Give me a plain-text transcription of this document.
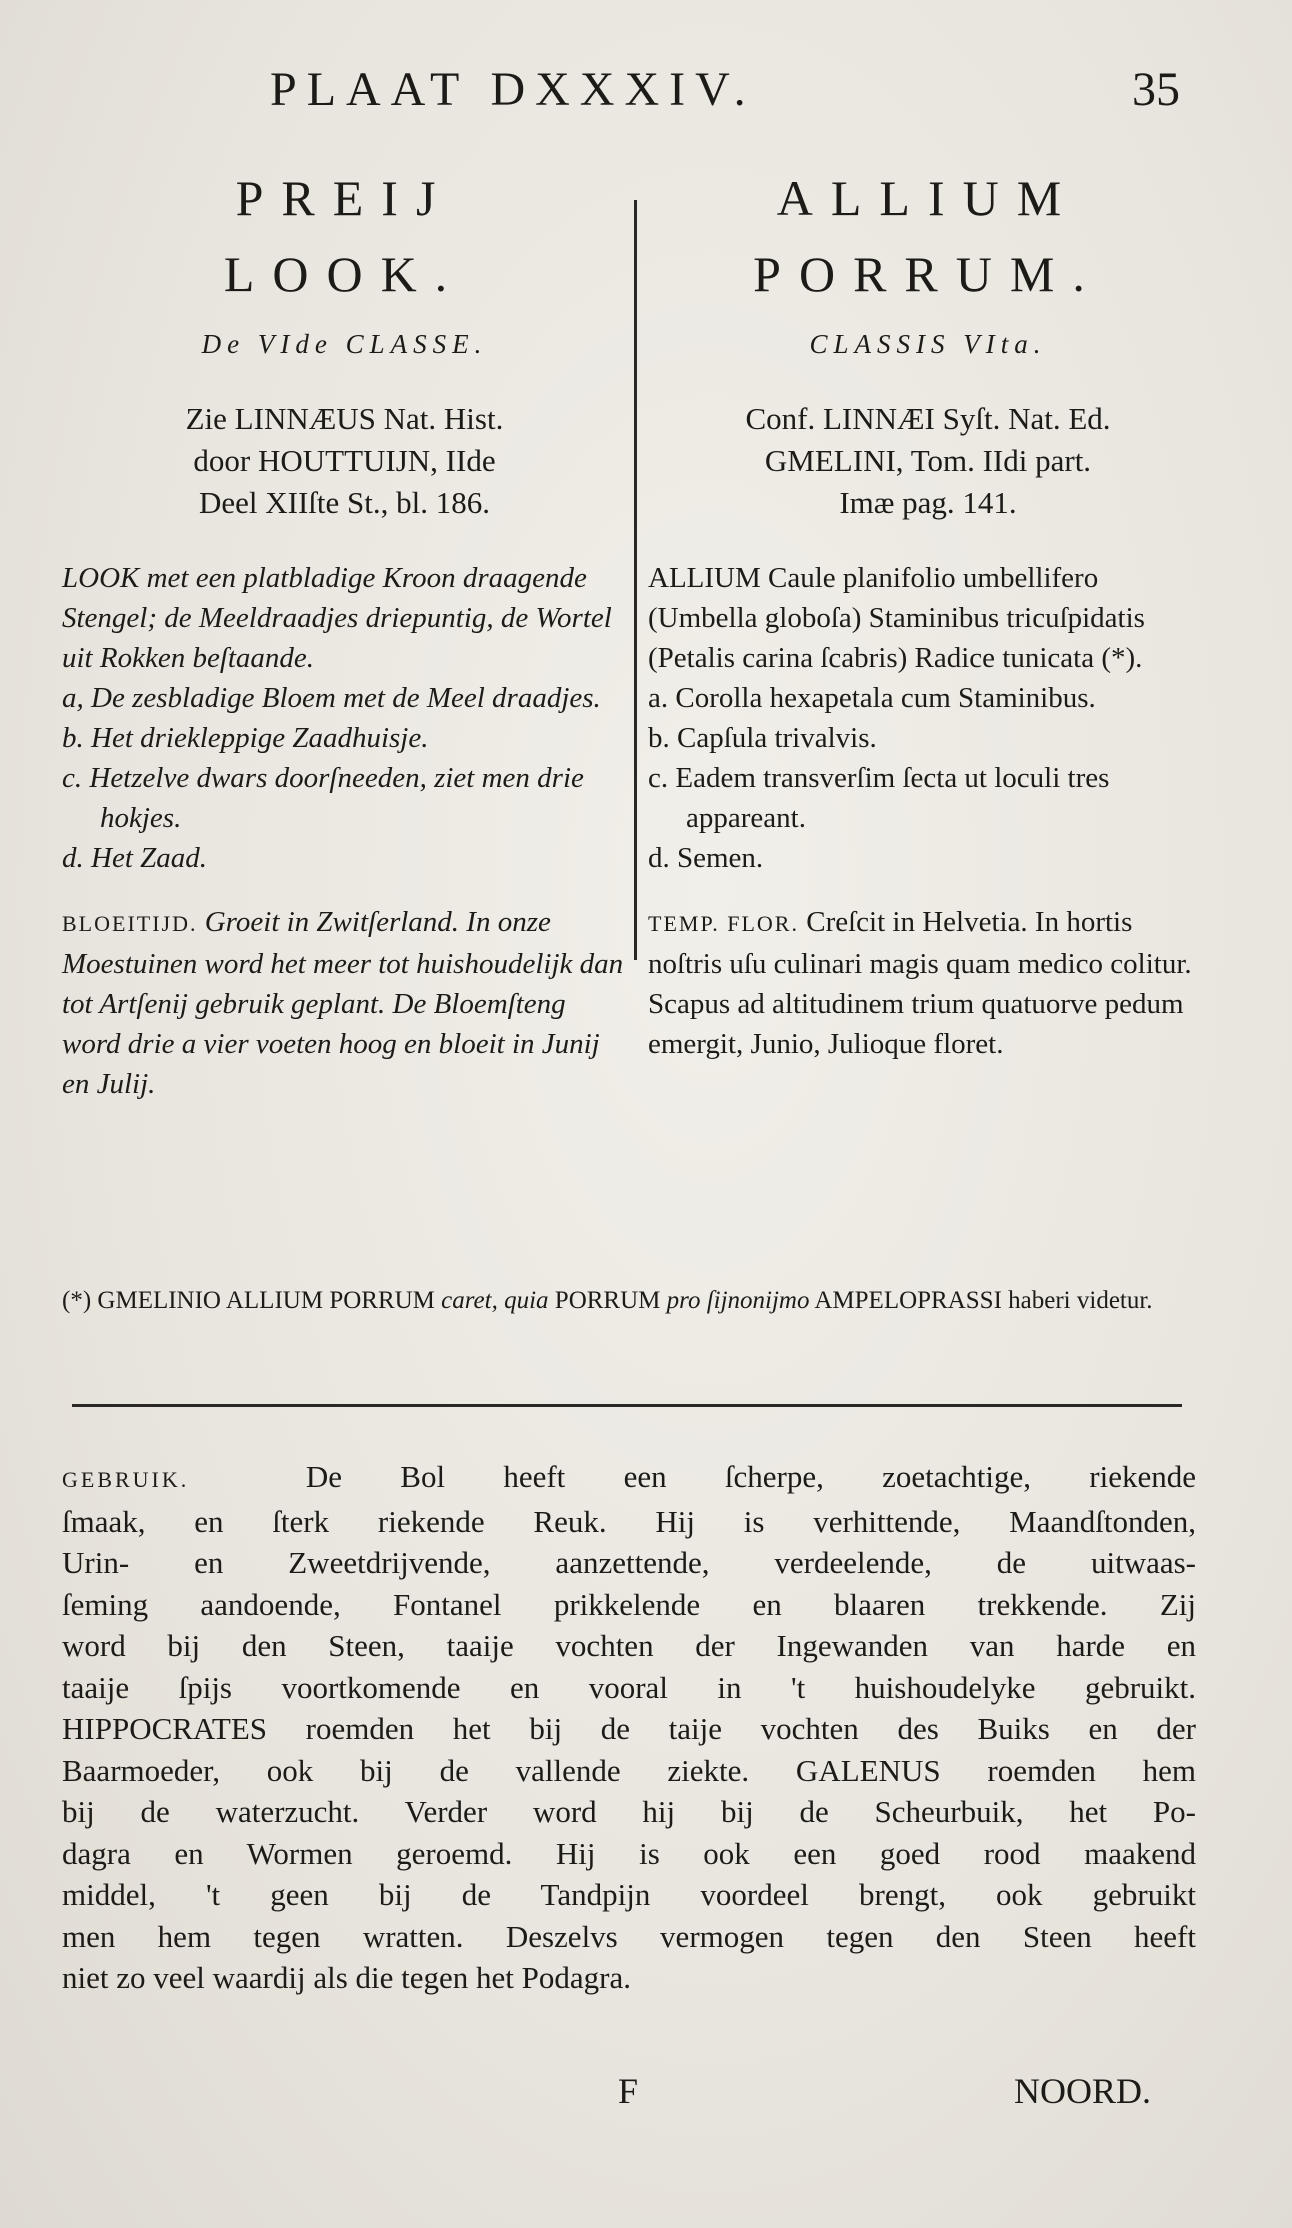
PLAAT DXXXIV.	35
PREIJ
LOOK.
De VIde CLASSE.
Zie LINNÆUS Nat. Hist.
door HOUTTUIJN, IIde
Deel XIIſte St., bl. 186.

LOOK met een platbladige Kroon draagende Stengel; de Meeldraadjes driepuntig, de Wortel uit Rokken beſtaande.

a, De zesbladige Bloem met de Meel draadjes.

b. Het driekleppige Zaadhuisje.

c. Hetzelve dwars doorſneeden, ziet men drie hokjes.

d. Het Zaad.

BLOEITIJD. Groeit in Zwitſerland. In onze Moestuinen word het meer tot huishoudelijk dan tot Artſenij gebruik geplant. De Bloemſteng word drie a vier voeten hoog en bloeit in Junij en Julij.
ALLIUM
PORRUM.
CLASSIS VIta.
Conf. LINNÆI Syſt. Nat. Ed.
GMELINI, Tom. IIdi part.
Imæ pag. 141.

ALLIUM Caule planifolio umbellifero (Umbella globoſa) Staminibus tricuſpidatis (Petalis carina ſcabris) Radice tunicata (*).

a. Corolla hexapetala cum Staminibus.

b. Capſula trivalvis.

c. Eadem transverſim ſecta ut loculi tres appareant.

d. Semen.

TEMP. FLOR. Creſcit in Helvetia. In hortis noſtris uſu culinari magis quam medico colitur. Scapus ad altitudinem trium quatuorve pedum emergit, Junio, Julioque floret.
(*) GMELINIO ALLIUM PORRUM caret, quia PORRUM pro ſijnonijmo AMPELOPRASSI haberi videtur.
GEBRUIK.	De Bol heeft een ſcherpe, zoetachtige, riekende
ſmaak, en ſterk riekende Reuk. Hij is verhittende, Maandſtonden,
Urin- en Zweetdrijvende, aanzettende, verdeelende, de uitwaas-
ſeming aandoende, Fontanel prikkelende en blaaren trekkende. Zij
word bij den Steen, taaije vochten der Ingewanden van harde en
taaije ſpijs voortkomende en vooral in 't huishoudelyke gebruikt.
HIPPOCRATES roemden het bij de taije vochten des Buiks en der
Baarmoeder, ook bij de vallende ziekte. GALENUS roemden hem
bij de waterzucht. Verder word hij bij de Scheurbuik, het Po-
dagra en Wormen geroemd. Hij is ook een goed rood maakend
middel, 't geen bij de Tandpijn voordeel brengt, ook gebruikt
men hem tegen wratten. Deszelvs vermogen tegen den Steen heeft
niet zo veel waardij als die tegen het Podagra.
F	NOORD.
